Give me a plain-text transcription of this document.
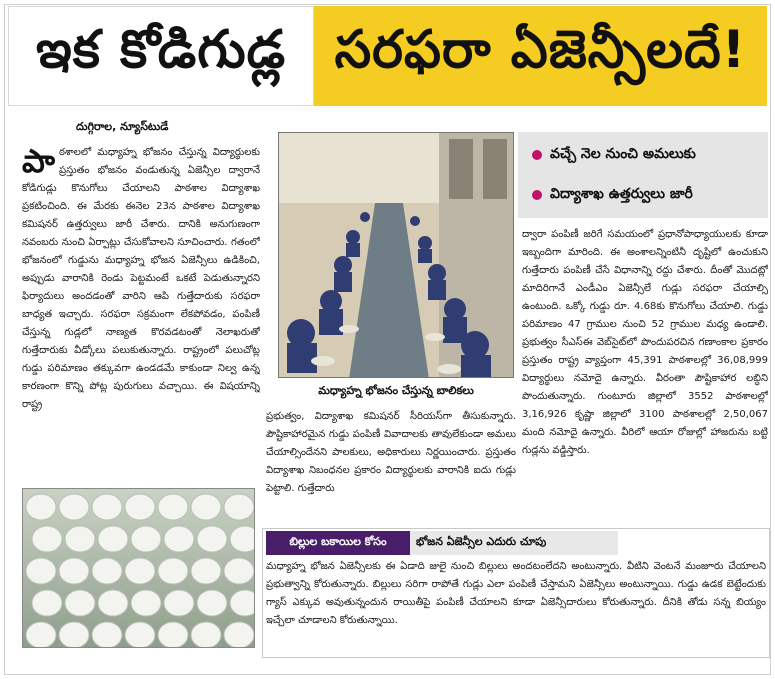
ఇక కోడిగుడ్ల సరఫరా ఏజెన్సీలదే!
దుగ్గిరాల, న్యూస్‌టుడే
పాఠశాలలో మధ్యాహ్న భోజనం చేస్తున్న విద్యార్థులకు ప్రస్తుతం భోజనం వండుతున్న ఏజెన్సీల ద్వారానే కోడిగుడ్లు కొనుగోలు చేయాలని పాఠశాల విద్యాశాఖ ప్రకటించింది. ఈ మేరకు ఈనెల 23న పాఠశాల విద్యాశాఖ కమిషనర్ ఉత్తర్వులు జారీ చేశారు. దానికి అనుగుణంగా నవంబరు నుంచి ఏర్పాట్లు చేసుకోవాలని సూచించారు. గతంలో భోజనంలో గుడ్డును మధ్యాహ్న భోజన ఏజెన్సీలు ఉడికించి, అప్పుడు వారానికి రెండు పెట్టమంటే ఒకటే పెడుతున్నారని ఫిర్యాదులు అందడంతో వారిని ఆపి గుత్తేదారుకు సరఫరా బాధ్యత ఇచ్చారు. సరఫరా సక్రమంగా లేకపోవడం, పంపిణీ చేస్తున్న గుడ్లలో నాణ్యత కొరవడటంతో నెలాఖరుతో గుత్తేదారుకు వీడ్కోలు పలుకుతున్నారు. రాష్ట్రంలో పలుచోట్ల గుడ్డు పరిమాణం తక్కువగా ఉండడమే కాకుండా నిల్వ ఉన్న కారణంగా కొన్ని పోట్ల పురుగులు వచ్చాయి. ఈ విషయాన్ని రాష్ట్ర
మధ్యాహ్న భోజనం చేస్తున్న బాలికలు
ప్రభుత్వం, విద్యాశాఖ కమిషనర్ సీరియస్‌గా తీసుకున్నారు. పౌష్టికాహారమైన గుడ్డు పంపిణీ వివాదాలకు తావులేకుండా అమలు చేయాల్సిందేనని పాలకులు, అధికారులు నిర్ణయించారు. ప్రస్తుతం విద్యాశాఖ నిబంధనల ప్రకారం విద్యార్థులకు వారానికి ఐదు గుడ్లు పెట్టాలి. గుత్తేదారు
వచ్చే నెల నుంచి అమలుకు
విద్యాశాఖ ఉత్తర్వులు జారీ
ద్వారా పంపిణీ జరిగే సమయంలో ప్రధానోపాధ్యాయులకు కూడా ఇబ్బందిగా మారింది. ఈ అంశాలన్నింటినీ దృష్టిలో ఉంచుకుని గుత్తేదారు పంపిణీ చేసే విధానాన్ని రద్దు చేశారు. దీంతో మొదట్లో మాదిరిగానే ఎండీఎం ఏజెన్సీలే గుడ్లు సరఫరా చేయాల్సి ఉంటుంది. ఒక్కో గుడ్డు రూ. 4.68కు కొనుగోలు చేయాలి. గుడ్డు పరిమాణం 47 గ్రాముల నుంచి 52 గ్రాముల మధ్య ఉండాలి. ప్రభుత్వం సీఎస్‌ఈ వెబ్‌సైట్‌లో పొందుపరచిన గణాంకాల ప్రకారం ప్రస్తుతం రాష్ట్ర వ్యాప్తంగా 45,391 పాఠశాలల్లో 36,08,999 విద్యార్థులు నమోదై ఉన్నారు. వీరంతా పౌష్టికాహార లబ్ధిని పొందుతున్నారు. గుంటూరు జిల్లాలో 3552 పాఠశాలల్లో 3,16,926 కృష్ణా జిల్లాలో 3100 పాఠశాలల్లో 2,50,067 మంది నమోదై ఉన్నారు. వీరిలో ఆయా రోజుల్లో హాజరును బట్టి గుడ్లను వడ్డిస్తారు.
బిల్లుల బకాయిల కోసం	భోజన ఏజెన్సీల ఎదురు చూపు
మధ్యాహ్న భోజన ఏజెన్సీలకు ఈ ఏడాది జులై నుంచి బిల్లులు అందటంలేదని అంటున్నారు. వీటిని వెంటనే మంజూరు చేయాలని ప్రభుత్వాన్ని కోరుతున్నారు. బిల్లులు సరిగా రాపోతే గుడ్లు ఎలా పంపిణీ చేస్తామని ఏజెన్సీలు అంటున్నాయి. గుడ్డు ఉడక బెట్టేందుకు గ్యాస్ ఎక్కువ అవుతున్నందున రాయితీపై పంపిణీ చేయాలని కూడా ఏజెన్సీదారులు కోరుతున్నారు. దీనికి తోడు సన్న బియ్యం ఇచ్చేలా చూడాలని కోరుతున్నాయి.
